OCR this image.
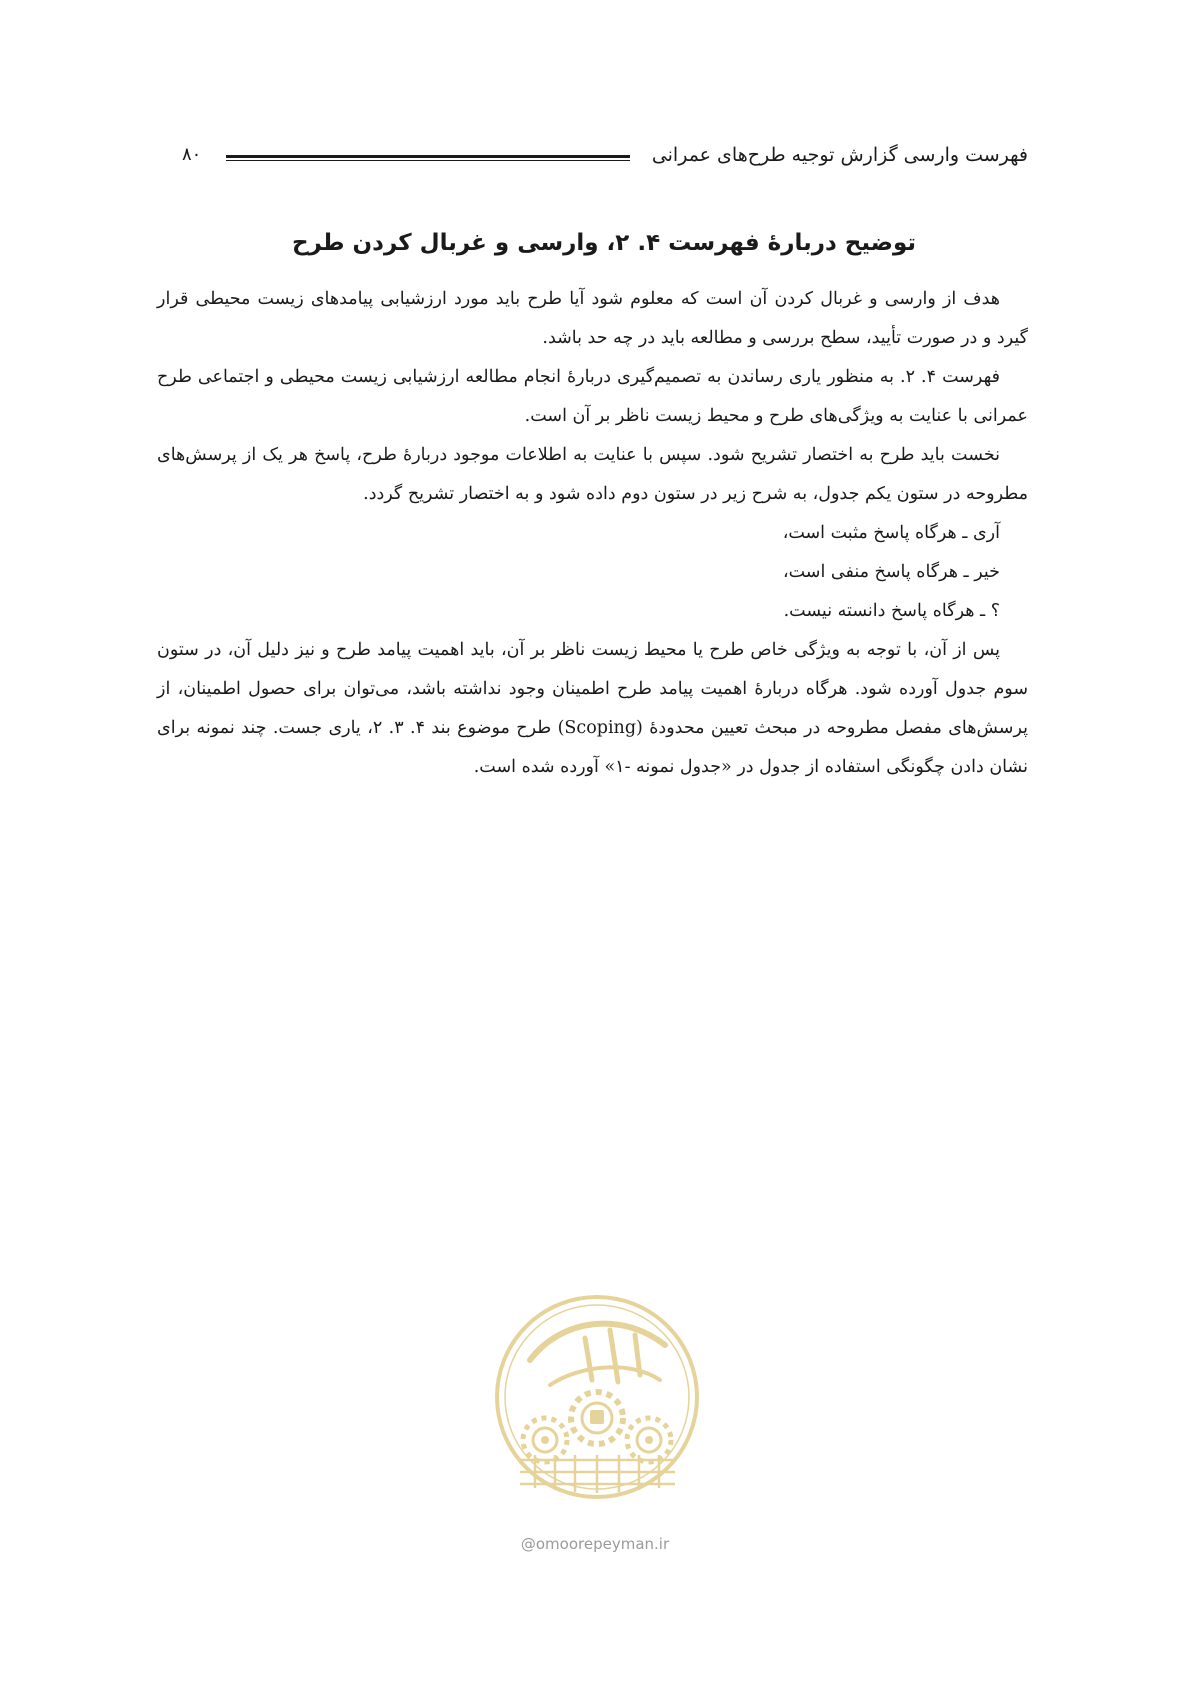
فهرست وارسی گزارش توجیه طرح‌های عمرانی
۸۰
توضیح دربارهٔ فهرست ۴. ۲، وارسی و غربال کردن طرح

هدف از وارسی و غربال کردن آن است که معلوم شود آیا طرح باید مورد ارزشیابی پیامدهای زیست محیطی قرار گیرد و در صورت تأیید، سطح بررسی و مطالعه باید در چه حد باشد.

فهرست ۴. ۲. به منظور یاری رساندن به تصمیم‌گیری دربارهٔ انجام مطالعه ارزشیابی زیست محیطی و اجتماعی طرح عمرانی با عنایت به ویژگی‌های طرح و محیط زیست ناظر بر آن است.

نخست باید طرح به اختصار تشریح شود. سپس با عنایت به اطلاعات موجود دربارهٔ طرح، پاسخ هر یک از پرسش‌های مطروحه در ستون یکم جدول، به شرح زیر در ستون دوم داده شود و به اختصار تشریح گردد.

آری ـ هرگاه پاسخ مثبت است،

خیر ـ هرگاه پاسخ منفی است،

؟ ـ هرگاه پاسخ دانسته نیست.

پس از آن، با توجه به ویژگی خاص طرح یا محیط زیست ناظر بر آن، باید اهمیت پیامد طرح و نیز دلیل آن، در ستون سوم جدول آورده شود. هرگاه دربارهٔ اهمیت پیامد طرح اطمینان وجود نداشته باشد، می‌توان برای حصول اطمینان، از پرسش‌های مفصل مطروحه در مبحث تعیین محدودهٔ (Scoping) طرح موضوع بند ۴. ۳. ۲، یاری جست. چند نمونه برای نشان دادن چگونگی استفاده از جدول در «جدول نمونه -۱» آورده شده است.

@omoorepeyman.ir
